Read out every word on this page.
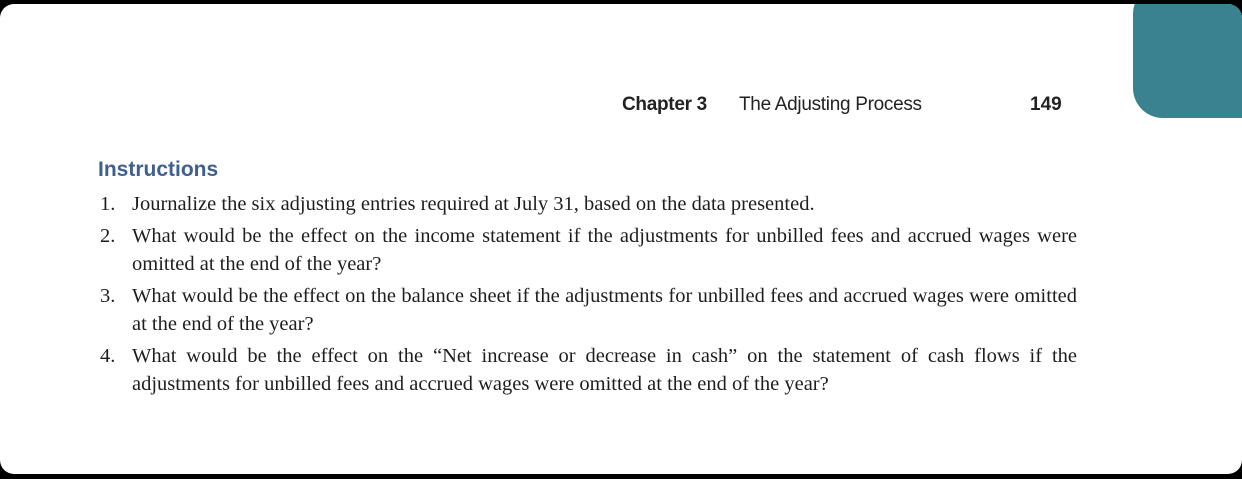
Chapter 3 The Adjusting Process	149
Instructions
1. Journalize the six adjusting entries required at July 31, based on the data presented.
2. What would be the effect on the income statement if the adjustments for unbilled fees and accrued wages were omitted at the end of the year?
3. What would be the effect on the balance sheet if the adjustments for unbilled fees and accrued wages were omitted at the end of the year?
4. What would be the effect on the “Net increase or decrease in cash” on the statement of cash flows if the adjustments for unbilled fees and accrued wages were omitted at the end of the year?
